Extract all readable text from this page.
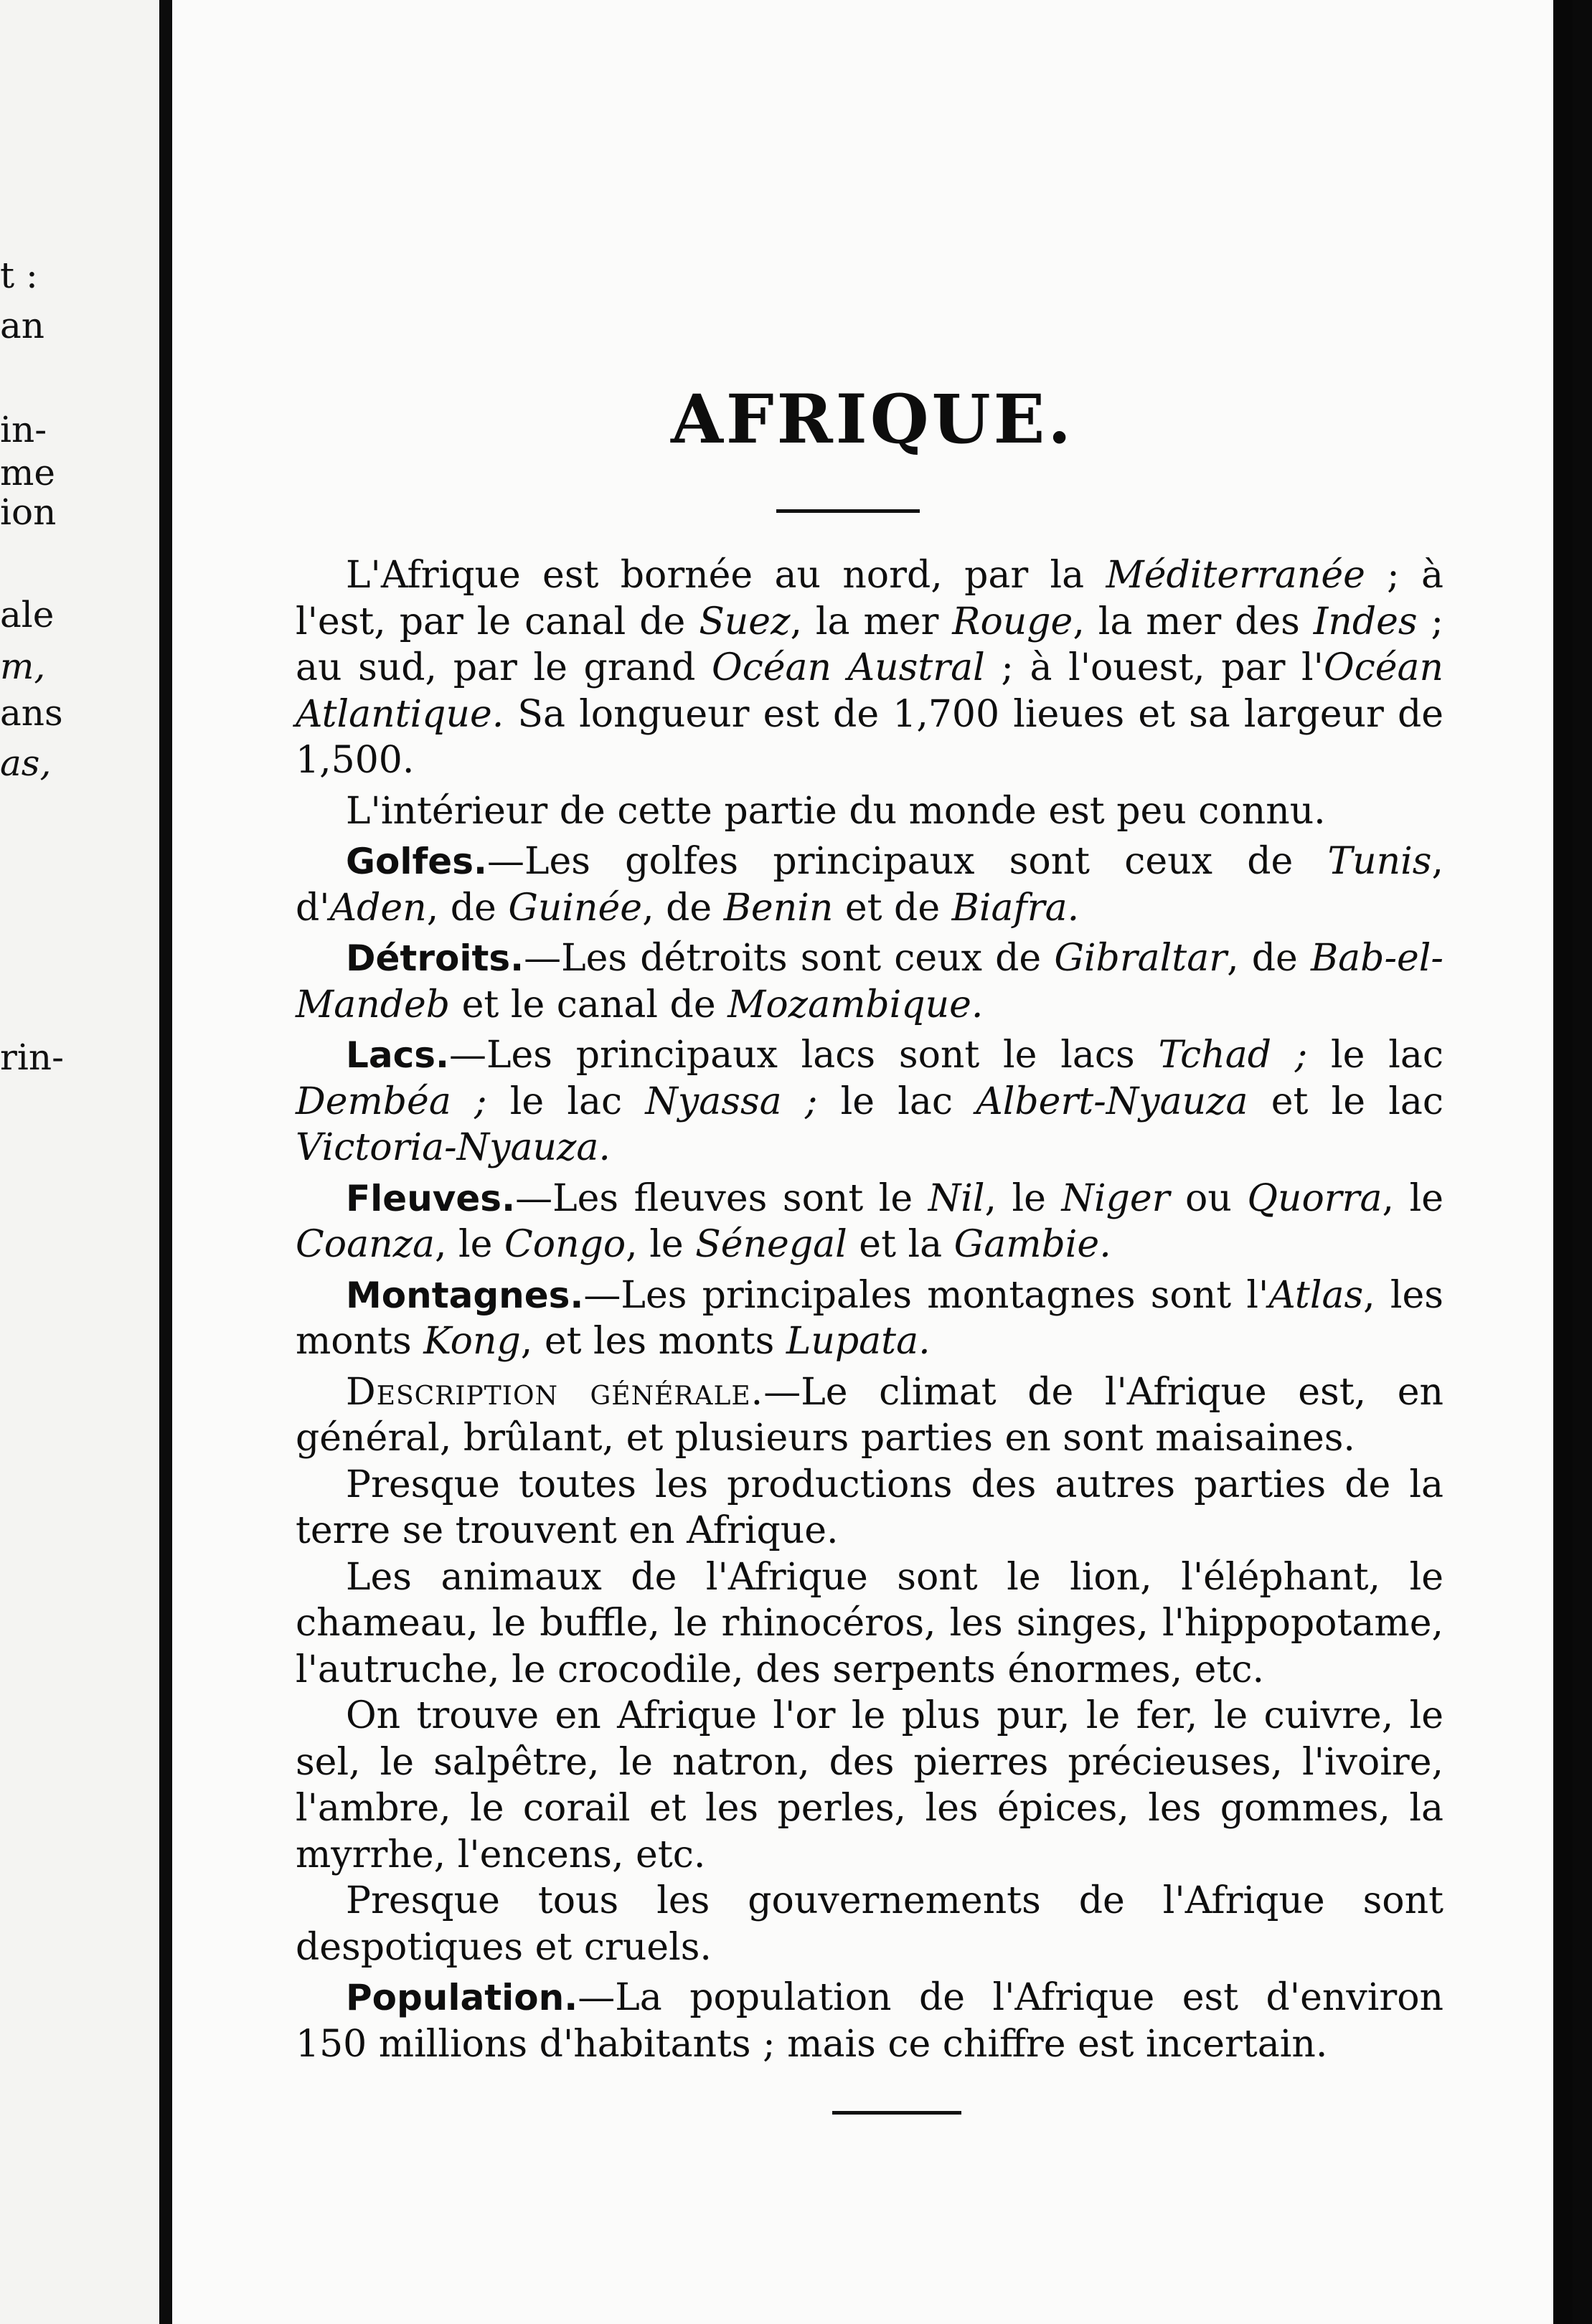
t :
an
in-
me
ion
ale
m,
ans
as,
rin-
AFRIQUE.

L'Afrique est bornée au nord, par la Méditerranée ; à l'est, par le canal de Suez, la mer Rouge, la mer des Indes ; au sud, par le grand Océan Austral ; à l'ouest, par l'Océan Atlantique. Sa longueur est de 1,700 lieues et sa largeur de 1,500.

L'intérieur de cette partie du monde est peu connu.

Golfes.—Les golfes principaux sont ceux de Tunis, d'Aden, de Guinée, de Benin et de Biafra.

Détroits.—Les détroits sont ceux de Gibraltar, de Bab-el-Mandeb et le canal de Mozambique.

Lacs.—Les principaux lacs sont le lacs Tchad ; le lac Dembéa ; le lac Nyassa ; le lac Albert-Nyauza et le lac Victoria-Nyauza.

Fleuves.—Les fleuves sont le Nil, le Niger ou Quorra, le Coanza, le Congo, le Sénegal et la Gambie.

Montagnes.—Les principales montagnes sont l'Atlas, les monts Kong, et les monts Lupata.

Description générale.—Le climat de l'Afrique est, en général, brûlant, et plusieurs parties en sont maisaines.

Presque toutes les productions des autres parties de la terre se trouvent en Afrique.

Les animaux de l'Afrique sont le lion, l'éléphant, le chameau, le buffle, le rhinocéros, les singes, l'hippopotame, l'autruche, le crocodile, des serpents énormes, etc.

On trouve en Afrique l'or le plus pur, le fer, le cuivre, le sel, le salpêtre, le natron, des pierres précieuses, l'ivoire, l'ambre, le corail et les perles, les épices, les gommes, la myrrhe, l'encens, etc.

Presque tous les gouvernements de l'Afrique sont despotiques et cruels.

Population.—La population de l'Afrique est d'environ 150 millions d'habitants ; mais ce chiffre est incertain.
